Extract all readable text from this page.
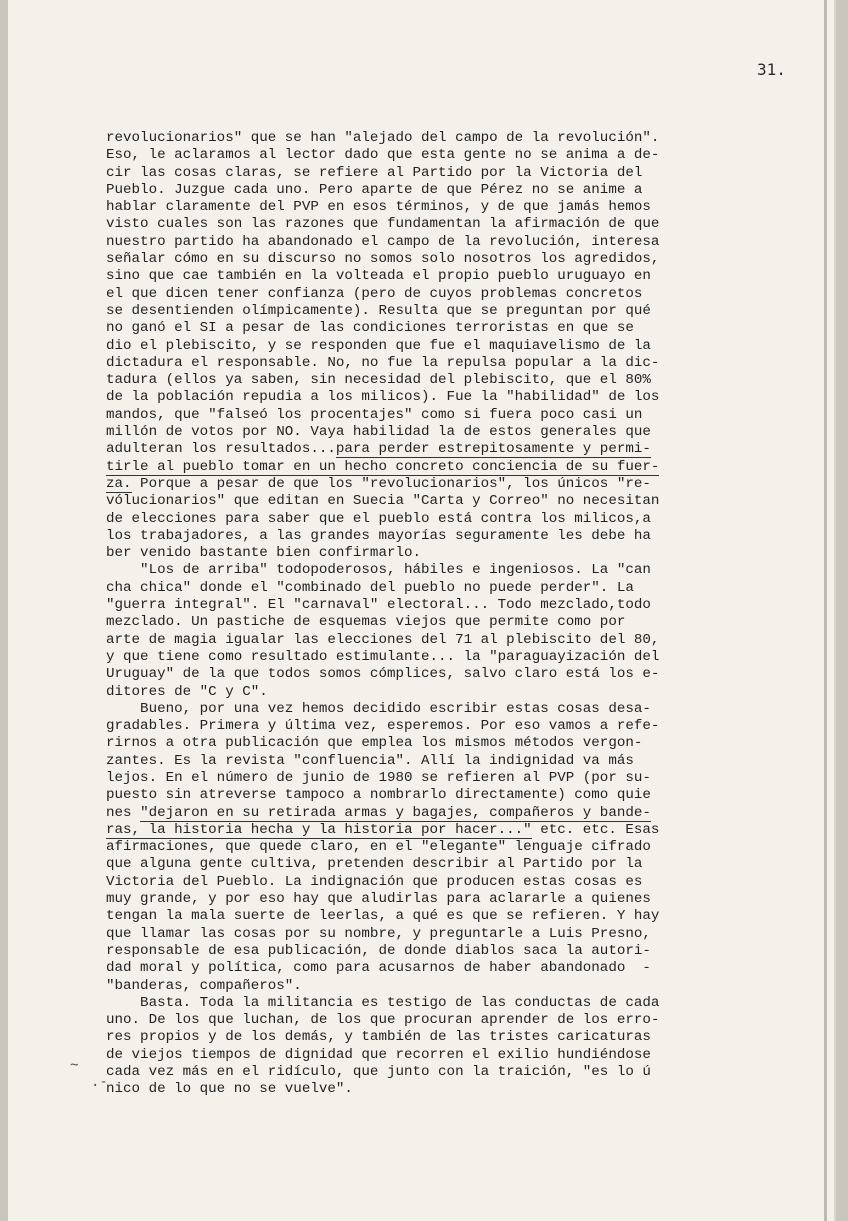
31.
revolucionarios" que se han "alejado del campo de la revolución".
Eso, le aclaramos al lector dado que esta gente no se anima a de-
cir las cosas claras, se refiere al Partido por la Victoria del
Pueblo. Juzgue cada uno. Pero aparte de que Pérez no se anime a
hablar claramente del PVP en esos términos, y de que jamás hemos
visto cuales son las razones que fundamentan la afirmación de que
nuestro partido ha abandonado el campo de la revolución, interesa
señalar cómo en su discurso no somos solo nosotros los agredidos,
sino que cae también en la volteada el propio pueblo uruguayo en
el que dicen tener confianza (pero de cuyos problemas concretos
se desentienden olímpicamente). Resulta que se preguntan por qué
no ganó el SI a pesar de las condiciones terroristas en que se
dio el plebiscito, y se responden que fue el maquiavelismo de la
dictadura el responsable. No, no fue la repulsa popular a la dic-
tadura (ellos ya saben, sin necesidad del plebiscito, que el 80%
de la población repudia a los milicos). Fue la "habilidad" de los
mandos, que "falseó los procentajes" como si fuera poco casi un
millón de votos por NO. Vaya habilidad la de estos generales que
adulteran los resultados...para perder estrepitosamente y permi-
tirle al pueblo tomar en un hecho concreto conciencia de su fuer-
za. Porque a pesar de que los "revolucionarios", los únicos "re-
vólucionarios" que editan en Suecia "Carta y Correo" no necesitan
de elecciones para saber que el pueblo está contra los milicos,a
los trabajadores, a las grandes mayorías seguramente les debe ha
ber venido bastante bien confirmarlo.
"Los de arriba" todopoderosos, hábiles e ingeniosos. La "can
cha chica" donde el "combinado del pueblo no puede perder". La
"guerra integral". El "carnaval" electoral... Todo mezclado,todo
mezclado. Un pastiche de esquemas viejos que permite como por
arte de magia igualar las elecciones del 71 al plebiscito del 80,
y que tiene como resultado estimulante... la "paraguayización del
Uruguay" de la que todos somos cómplices, salvo claro está los e-
ditores de "C y C".
Bueno, por una vez hemos decidido escribir estas cosas desa-
gradables. Primera y última vez, esperemos. Por eso vamos a refe-
rirnos a otra publicación que emplea los mismos métodos vergon-
zantes. Es la revista "confluencia". Allí la indignidad va más
lejos. En el número de junio de 1980 se refieren al PVP (por su-
puesto sin atreverse tampoco a nombrarlo directamente) como quie
nes "dejaron en su retirada armas y bagajes, compañeros y bande-
ras, la historia hecha y la historia por hacer..." etc. etc. Esas
afirmaciones, que quede claro, en el "elegante" lenguaje cifrado
que alguna gente cultiva, pretenden describir al Partido por la
Victoria del Pueblo. La indignación que producen estas cosas es
muy grande, y por eso hay que aludirlas para aclararle a quienes
tengan la mala suerte de leerlas, a qué es que se refieren. Y hay
que llamar las cosas por su nombre, y preguntarle a Luis Presno,
responsable de esa publicación, de donde diablos saca la autori-
dad moral y política, como para acusarnos de haber abandonado  -
"banderas, compañeros".
Basta. Toda la militancia es testigo de las conductas de cada
uno. De los que luchan, de los que procuran aprender de los erro-
res propios y de los demás, y también de las tristes caricaturas
de viejos tiempos de dignidad que recorren el exilio hundiéndose
cada vez más en el ridículo, que junto con la traición, "es lo ú
nico de lo que no se vuelve".
~
.-
